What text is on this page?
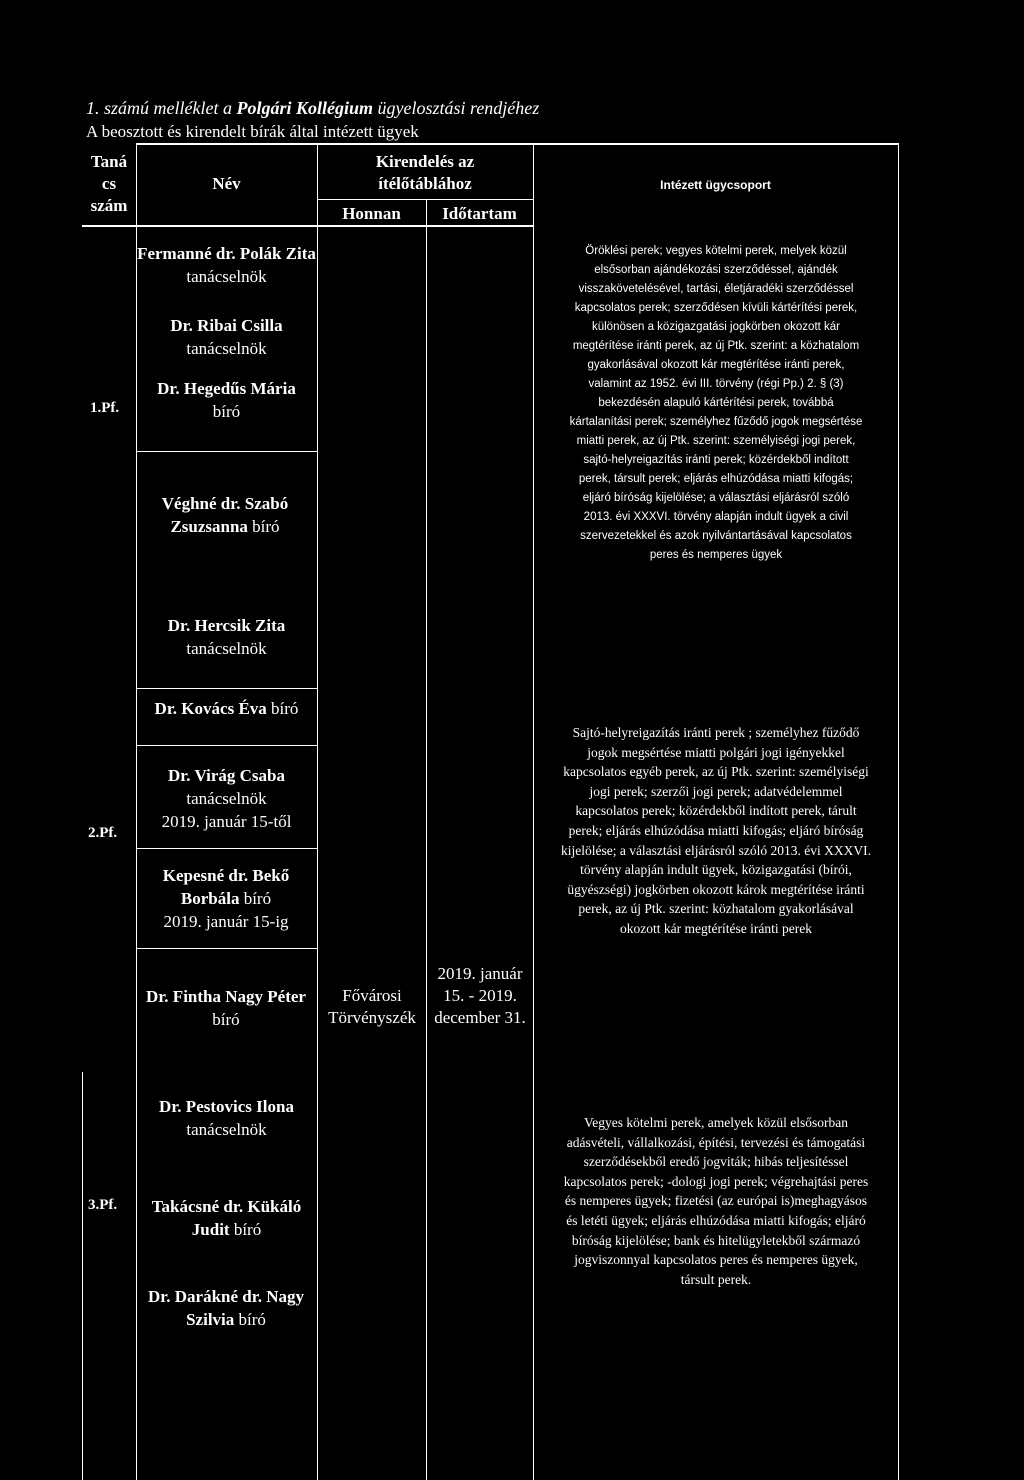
1. számú melléklet a Polgári Kollégium ügyelosztási rendjéhez
A beosztott és kirendelt bírák által intézett ügyek
Taná
cs
szám
Név
Kirendelés az
ítélőtáblához
Honnan	Időtartam
Intézett ügycsoport
1.Pf.
2.Pf.
3.Pf.
Fermanné dr. Polák Zita tanácselnök
Dr. Ribai Csilla
tanácselnök
Dr. Hegedűs Mária
bíró
Véghné dr. Szabó Zsuzsanna bíró
Dr. Hercsik Zita
tanácselnök
Dr. Kovács Éva bíró
Dr. Virág Csaba
tanácselnök
2019. január 15-től
Kepesné dr. Bekő Borbála bíró
2019. január 15-ig
Dr. Fintha Nagy Péter bíró
Fővárosi Törvényszék
2019. január 15. - 2019. december 31.
Dr. Pestovics Ilona
tanácselnök
Takácsné dr. Kükáló Judit bíró
Dr. Darákné dr. Nagy Szilvia bíró
Öröklési perek; vegyes kötelmi perek, melyek közül
elsősorban ajándékozási szerződéssel, ajándék
visszakövetelésével, tartási, életjáradéki szerződéssel
kapcsolatos perek; szerződésen kívüli kártérítési perek,
különösen a közigazgatási jogkörben okozott kár
megtérítése iránti perek, az új Ptk. szerint: a közhatalom
gyakorlásával okozott kár megtérítése iránti perek,
valamint az 1952. évi III. törvény (régi Pp.) 2. § (3)
bekezdésén alapuló kártérítési perek, továbbá
kártalanítási perek; személyhez fűződő jogok megsértése
miatti perek, az új Ptk. szerint: személyiségi jogi perek,
sajtó-helyreigazítás iránti perek; közérdekből indított
perek, társult perek; eljárás elhúzódása miatti kifogás;
eljáró bíróság kijelölése; a választási eljárásról szóló
2013. évi XXXVI. törvény alapján indult ügyek a civil
szervezetekkel és azok nyilvántartásával kapcsolatos
peres és nemperes ügyek
Sajtó-helyreigazítás iránti perek ; személyhez fűződő
jogok megsértése miatti polgári jogi igényekkel
kapcsolatos egyéb perek, az új Ptk. szerint: személyiségi
jogi perek; szerzői jogi perek; adatvédelemmel
kapcsolatos perek; közérdekből indított perek, tárult
perek; eljárás elhúzódása miatti kifogás; eljáró bíróság
kijelölése; a választási eljárásról szóló 2013. évi XXXVI.
törvény alapján indult ügyek, közigazgatási (bírói,
ügyészségi) jogkörben okozott károk megtérítése iránti
perek, az új Ptk. szerint: közhatalom gyakorlásával
okozott kár megtérítése iránti perek
Vegyes kötelmi perek, amelyek közül elsősorban
adásvételi, vállalkozási, építési, tervezési és támogatási
szerződésekből eredő jogviták; hibás teljesítéssel
kapcsolatos perek; -dologi jogi perek; végrehajtási peres
és nemperes ügyek; fizetési (az európai is)meghagyásos
és letéti ügyek; eljárás elhúzódása miatti kifogás; eljáró
bíróság kijelölése; bank és hitelügyletekből származó
jogviszonnyal kapcsolatos peres és nemperes ügyek,
társult perek.
